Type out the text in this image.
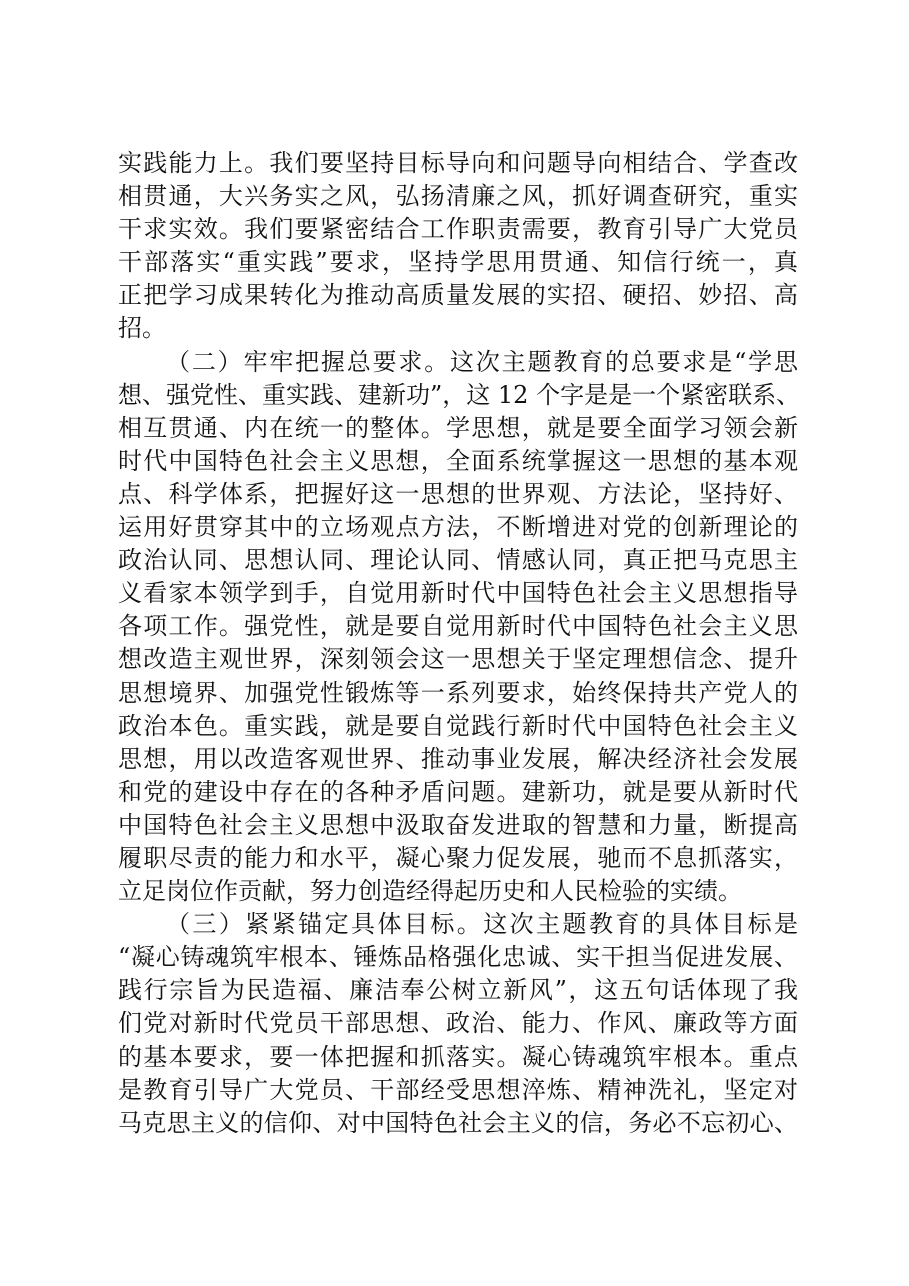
实践能力上。我们要坚持目标导向和问题导向相结合、学查改
相贯通，大兴务实之风，弘扬清廉之风，抓好调查研究，重实
干求实效。我们要紧密结合工作职责需要，教育引导广大党员
干部落实“重实践”要求，坚持学思用贯通、知信行统一，真
正把学习成果转化为推动高质量发展的实招、硬招、妙招、高
招。
（二）牢牢把握总要求。这次主题教育的总要求是“学思
想、强党性、重实践、建新功”，这 12 个字是是一个紧密联系、
相互贯通、内在统一的整体。学思想，就是要全面学习领会新
时代中国特色社会主义思想，全面系统掌握这一思想的基本观
点、科学体系，把握好这一思想的世界观、方法论，坚持好、
运用好贯穿其中的立场观点方法，不断增进对党的创新理论的
政治认同、思想认同、理论认同、情感认同，真正把马克思主
义看家本领学到手，自觉用新时代中国特色社会主义思想指导
各项工作。强党性，就是要自觉用新时代中国特色社会主义思
想改造主观世界，深刻领会这一思想关于坚定理想信念、提升
思想境界、加强党性锻炼等一系列要求，始终保持共产党人的
政治本色。重实践，就是要自觉践行新时代中国特色社会主义
思想，用以改造客观世界、推动事业发展，解决经济社会发展
和党的建设中存在的各种矛盾问题。建新功，就是要从新时代
中国特色社会主义思想中汲取奋发进取的智慧和力量，断提高
履职尽责的能力和水平，凝心聚力促发展，驰而不息抓落实，
立足岗位作贡献，努力创造经得起历史和人民检验的实绩。
（三）紧紧锚定具体目标。这次主题教育的具体目标是
“凝心铸魂筑牢根本、锤炼品格强化忠诚、实干担当促进发展、
践行宗旨为民造福、廉洁奉公树立新风”，这五句话体现了我
们党对新时代党员干部思想、政治、能力、作风、廉政等方面
的基本要求，要一体把握和抓落实。凝心铸魂筑牢根本。重点
是教育引导广大党员、干部经受思想淬炼、精神洗礼，坚定对
马克思主义的信仰、对中国特色社会主义的信，务必不忘初心、
